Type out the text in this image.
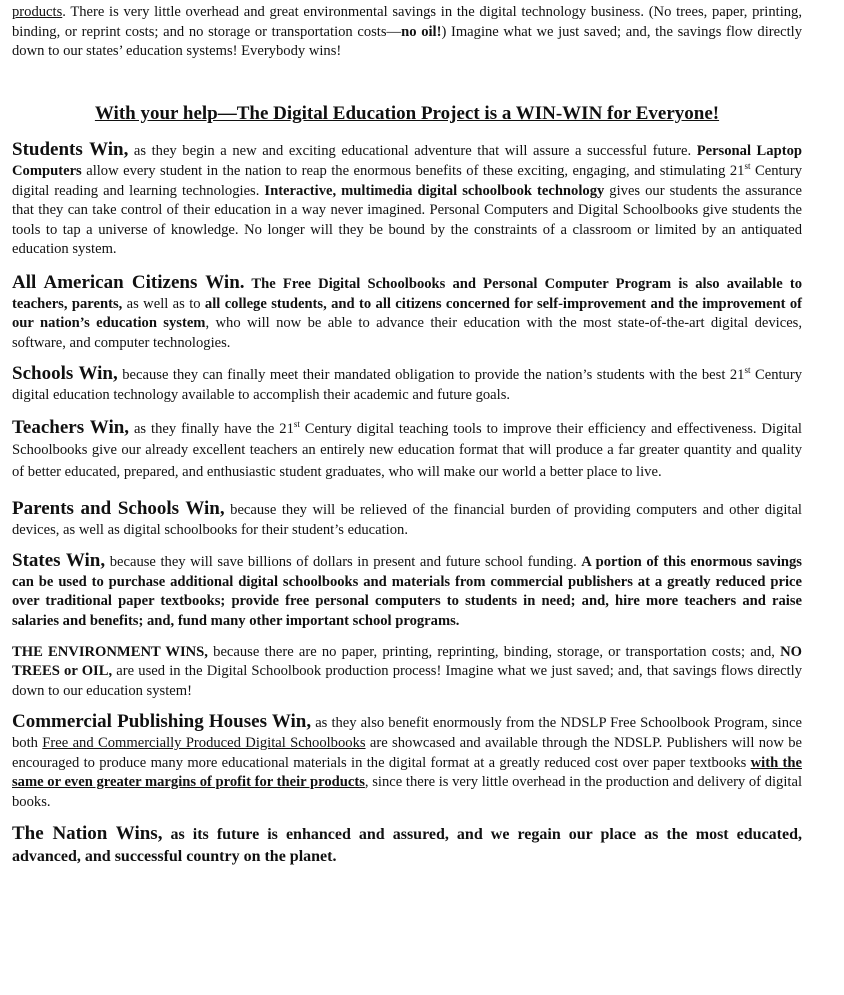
products. There is very little overhead and great environmental savings in the digital technology business. (No trees, paper, printing, binding, or reprint costs; and no storage or transportation costs—no oil!) Imagine what we just saved; and, the savings flow directly down to our states’ education systems! Everybody wins!

With your help—The Digital Education Project is a WIN-WIN for Everyone!

Students Win, as they begin a new and exciting educational adventure that will assure a successful future. Personal Laptop Computers allow every student in the nation to reap the enormous benefits of these exciting, engaging, and stimulating 21st Century digital reading and learning technologies. Interactive, multimedia digital schoolbook technology gives our students the assurance that they can take control of their education in a way never imagined. Personal Computers and Digital Schoolbooks give students the tools to tap a universe of knowledge. No longer will they be bound by the constraints of a classroom or limited by an antiquated education system.

All American Citizens Win. The Free Digital Schoolbooks and Personal Computer Program is also available to teachers, parents, as well as to all college students, and to all citizens concerned for self-improvement and the improvement of our nation’s education system, who will now be able to advance their education with the most state-of-the-art digital devices, software, and computer technologies.

Schools Win, because they can finally meet their mandated obligation to provide the nation’s students with the best 21st Century digital education technology available to accomplish their academic and future goals.

Teachers Win, as they finally have the 21st Century digital teaching tools to improve their efficiency and effectiveness. Digital Schoolbooks give our already excellent teachers an entirely new education format that will produce a far greater quantity and quality of better educated, prepared, and enthusiastic student graduates, who will make our world a better place to live.

Parents and Schools Win, because they will be relieved of the financial burden of providing computers and other digital devices, as well as digital schoolbooks for their student’s education.

States Win, because they will save billions of dollars in present and future school funding. A portion of this enormous savings can be used to purchase additional digital schoolbooks and materials from commercial publishers at a greatly reduced price over traditional paper textbooks; provide free personal computers to students in need; and, hire more teachers and raise salaries and benefits; and, fund many other important school programs.

THE ENVIRONMENT WINS, because there are no paper, printing, reprinting, binding, storage, or transportation costs; and, NO TREES or OIL, are used in the Digital Schoolbook production process! Imagine what we just saved; and, that savings flows directly down to our education system!

Commercial Publishing Houses Win, as they also benefit enormously from the NDSLP Free Schoolbook Program, since both Free and Commercially Produced Digital Schoolbooks are showcased and available through the NDSLP. Publishers will now be encouraged to produce many more educational materials in the digital format at a greatly reduced cost over paper textbooks with the same or even greater margins of profit for their products, since there is very little overhead in the production and delivery of digital books.

The Nation Wins, as its future is enhanced and assured, and we regain our place as the most educated, advanced, and successful country on the planet.
